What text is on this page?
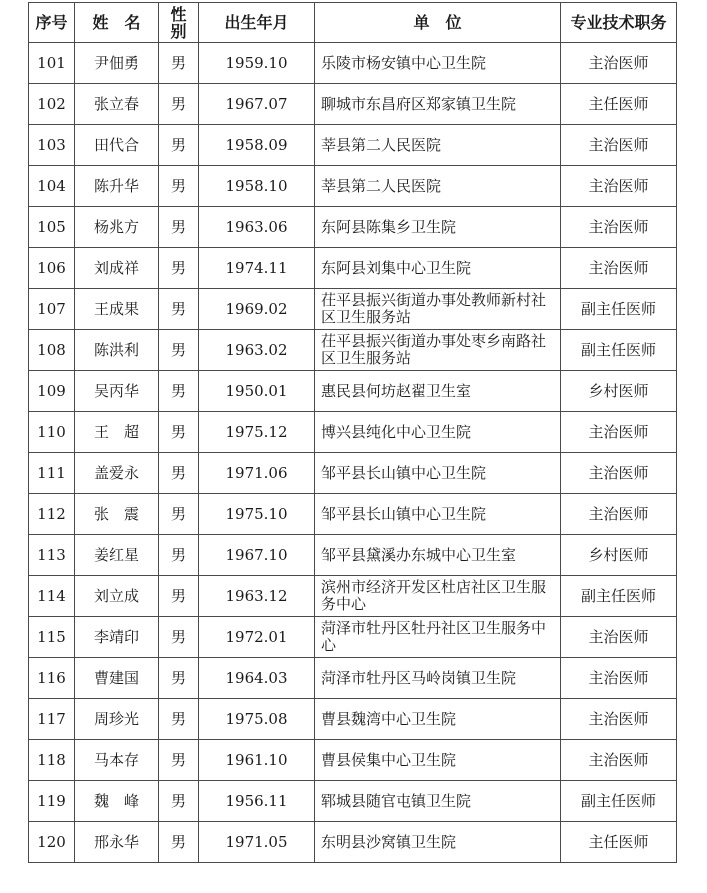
序号	姓　名	性别	出生年月	单　位	专业技术职务
101	尹佃勇	男	1959.10	乐陵市杨安镇中心卫生院	主治医师
102	张立春	男	1967.07	聊城市东昌府区郑家镇卫生院	主任医师
103	田代合	男	1958.09	莘县第二人民医院	主治医师
104	陈升华	男	1958.10	莘县第二人民医院	主治医师
105	杨兆方	男	1963.06	东阿县陈集乡卫生院	主治医师
106	刘成祥	男	1974.11	东阿县刘集中心卫生院	主治医师
107	王成果	男	1969.02	茌平县振兴街道办事处教师新村社区卫生服务站	副主任医师
108	陈洪利	男	1963.02	茌平县振兴街道办事处枣乡南路社区卫生服务站	副主任医师
109	吴丙华	男	1950.01	惠民县何坊赵翟卫生室	乡村医师
110	王　超	男	1975.12	博兴县纯化中心卫生院	主治医师
111	盖爱永	男	1971.06	邹平县长山镇中心卫生院	主治医师
112	张　震	男	1975.10	邹平县长山镇中心卫生院	主治医师
113	姜红星	男	1967.10	邹平县黛溪办东城中心卫生室	乡村医师
114	刘立成	男	1963.12	滨州市经济开发区杜店社区卫生服务中心	副主任医师
115	李靖印	男	1972.01	菏泽市牡丹区牡丹社区卫生服务中心	主治医师
116	曹建国	男	1964.03	菏泽市牡丹区马岭岗镇卫生院	主治医师
117	周珍光	男	1975.08	曹县魏湾中心卫生院	主治医师
118	马本存	男	1961.10	曹县侯集中心卫生院	主治医师
119	魏　峰	男	1956.11	郓城县随官屯镇卫生院	副主任医师
120	邢永华	男	1971.05	东明县沙窝镇卫生院	主任医师
